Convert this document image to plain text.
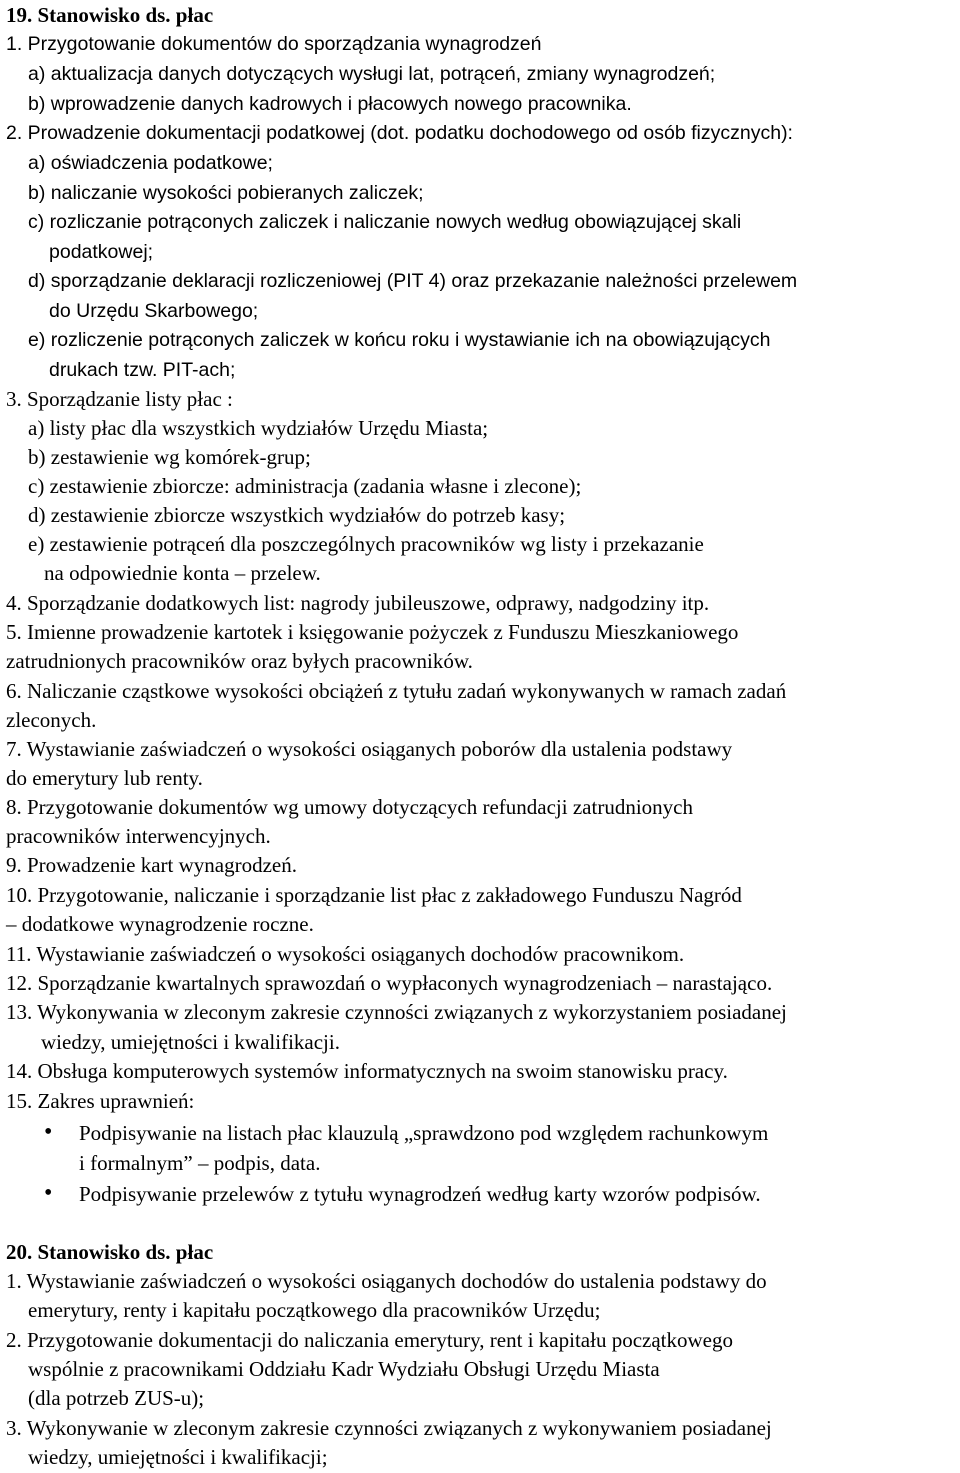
19. Stanowisko ds. płac
1. Przygotowanie dokumentów do sporządzania wynagrodzeń
a) aktualizacja danych dotyczących wysługi lat, potrąceń, zmiany wynagrodzeń;
b) wprowadzenie danych kadrowych i płacowych nowego pracownika.
2. Prowadzenie dokumentacji podatkowej (dot. podatku dochodowego od osób fizycznych):
a) oświadczenia podatkowe;
b) naliczanie wysokości pobieranych zaliczek;
c) rozliczanie potrąconych zaliczek i naliczanie nowych według obowiązującej skali
podatkowej;
d) sporządzanie deklaracji rozliczeniowej (PIT 4) oraz przekazanie należności przelewem
do Urzędu Skarbowego;
e) rozliczenie potrąconych zaliczek w końcu roku i wystawianie ich na obowiązujących
drukach tzw. PIT-ach;
3. Sporządzanie listy płac :
a) listy płac dla wszystkich wydziałów Urzędu Miasta;
b) zestawienie wg komórek-grup;
c) zestawienie zbiorcze: administracja (zadania własne i zlecone);
d) zestawienie zbiorcze wszystkich wydziałów do potrzeb kasy;
e) zestawienie potrąceń dla poszczególnych pracowników wg listy i przekazanie
na odpowiednie konta – przelew.
4. Sporządzanie dodatkowych list: nagrody jubileuszowe, odprawy, nadgodziny itp.
5. Imienne prowadzenie kartotek i księgowanie pożyczek z Funduszu Mieszkaniowego
zatrudnionych pracowników oraz byłych pracowników.
6. Naliczanie cząstkowe wysokości obciążeń z tytułu zadań wykonywanych w ramach zadań
zleconych.
7. Wystawianie zaświadczeń o wysokości osiąganych poborów dla ustalenia podstawy
do emerytury lub renty.
8. Przygotowanie dokumentów wg umowy dotyczących refundacji zatrudnionych
pracowników interwencyjnych.
9. Prowadzenie kart wynagrodzeń.
10. Przygotowanie, naliczanie i sporządzanie list płac z zakładowego Funduszu Nagród
– dodatkowe wynagrodzenie roczne.
11. Wystawianie zaświadczeń o wysokości osiąganych dochodów pracownikom.
12. Sporządzanie kwartalnych sprawozdań o wypłaconych wynagrodzeniach – narastająco.
13. Wykonywania w zleconym zakresie czynności związanych z wykorzystaniem posiadanej
wiedzy, umiejętności i kwalifikacji.
14. Obsługa komputerowych systemów informatycznych na swoim stanowisku pracy.
15. Zakres uprawnień:
• Podpisywanie na listach płac klauzulą „sprawdzono pod względem rachunkowym
i formalnym” – podpis, data.
• Podpisywanie przelewów z tytułu wynagrodzeń według karty wzorów podpisów.
20. Stanowisko ds. płac
1. Wystawianie zaświadczeń o wysokości osiąganych dochodów do ustalenia podstawy do
emerytury, renty i kapitału początkowego dla pracowników Urzędu;
2. Przygotowanie dokumentacji do naliczania emerytury, rent i kapitału początkowego
wspólnie z pracownikami Oddziału Kadr Wydziału Obsługi Urzędu Miasta
(dla potrzeb ZUS-u);
3. Wykonywanie w zleconym zakresie czynności związanych z wykonywaniem posiadanej
wiedzy, umiejętności i kwalifikacji;
